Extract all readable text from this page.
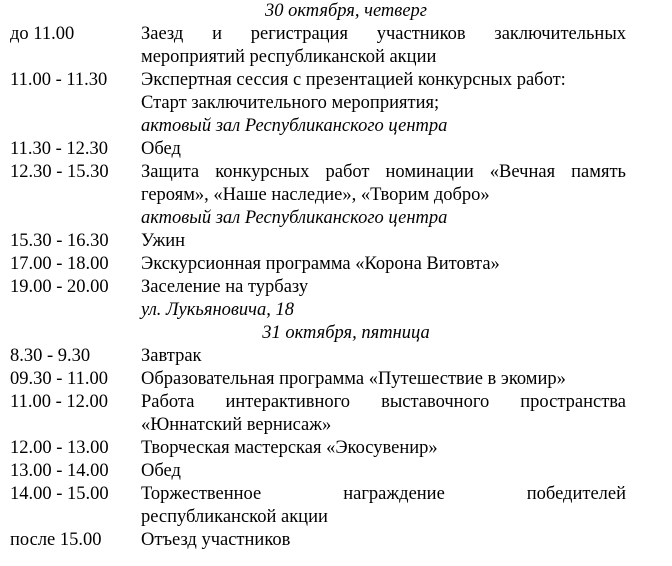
30 октября, четверг
до 11.00	Заезд и регистрация участников заключительных
мероприятий республиканской акции
11.00 - 11.30	Экспертная сессия с презентацией конкурсных работ:
Старт заключительного мероприятия;
актовый зал Республиканского центра
11.30 - 12.30	Обед
12.30 - 15.30	Защита конкурсных работ номинации «Вечная память
героям», «Наше наследие», «Творим добро»
актовый зал Республиканского центра
15.30 - 16.30	Ужин
17.00 - 18.00	Экскурсионная программа «Корона Витовта»
19.00 - 20.00	Заселение на турбазу
ул. Лукьяновича, 18
31 октября, пятница
8.30 - 9.30	Завтрак
09.30 - 11.00	Образовательная программа «Путешествие в экомир»
11.00 - 12.00	Работа интерактивного выставочного пространства
«Юннатский вернисаж»
12.00 - 13.00	Творческая мастерская «Экосувенир»
13.00 - 14.00	Обед
14.00 - 15.00	Торжественное награждение победителей
республиканской акции
после 15.00	Отъезд участников
